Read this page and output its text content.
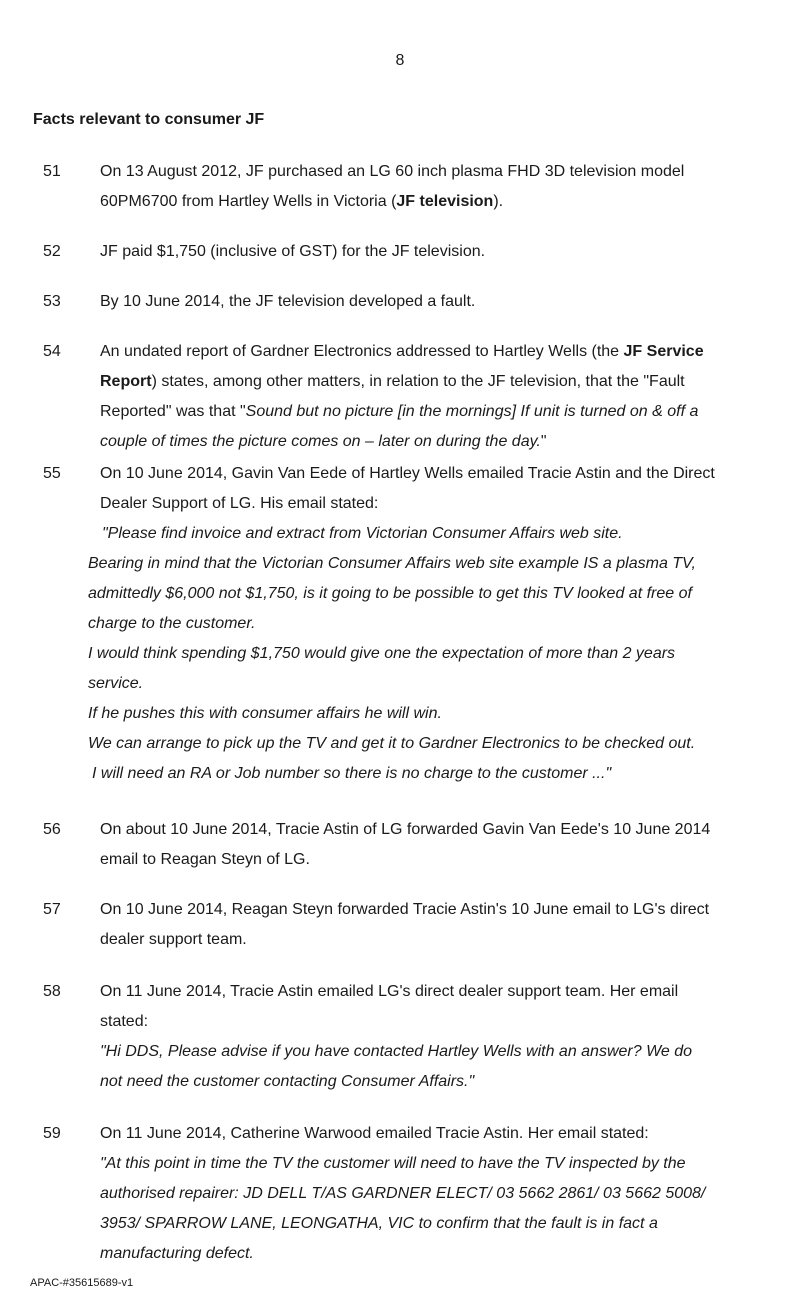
8
Facts relevant to consumer JF
51 On 13 August 2012, JF purchased an LG 60 inch plasma FHD 3D television model
60PM6700 from Hartley Wells in Victoria (JF television).
52 JF paid $1,750 (inclusive of GST) for the JF television.
53 By 10 June 2014, the JF television developed a fault.
54 An undated report of Gardner Electronics addressed to Hartley Wells (the JF Service
Report) states, among other matters, in relation to the JF television, that the "Fault
Reported" was that "Sound but no picture [in the mornings] If unit is turned on & off a
couple of times the picture comes on – later on during the day."
55 On 10 June 2014, Gavin Van Eede of Hartley Wells emailed Tracie Astin and the Direct
Dealer Support of LG. His email stated:
"Please find invoice and extract from Victorian Consumer Affairs web site.
Bearing in mind that the Victorian Consumer Affairs web site example IS a plasma TV,
admittedly $6,000 not $1,750, is it going to be possible to get this TV looked at free of
charge to the customer.
I would think spending $1,750 would give one the expectation of more than 2 years
service.
If he pushes this with consumer affairs he will win.
We can arrange to pick up the TV and get it to Gardner Electronics to be checked out.
I will need an RA or Job number so there is no charge to the customer ..."
56 On about 10 June 2014, Tracie Astin of LG forwarded Gavin Van Eede's 10 June 2014
email to Reagan Steyn of LG.
57 On 10 June 2014, Reagan Steyn forwarded Tracie Astin's 10 June email to LG's direct
dealer support team.
58 On 11 June 2014, Tracie Astin emailed LG's direct dealer support team. Her email
stated:
"Hi DDS, Please advise if you have contacted Hartley Wells with an answer? We do
not need the customer contacting Consumer Affairs."
59 On 11 June 2014, Catherine Warwood emailed Tracie Astin. Her email stated:
"At this point in time the TV the customer will need to have the TV inspected by the
authorised repairer: JD DELL T/AS GARDNER ELECT/ 03 5662 2861/ 03 5662 5008/
3953/ SPARROW LANE, LEONGATHA, VIC to confirm that the fault is in fact a
manufacturing defect.
APAC-#35615689-v1
